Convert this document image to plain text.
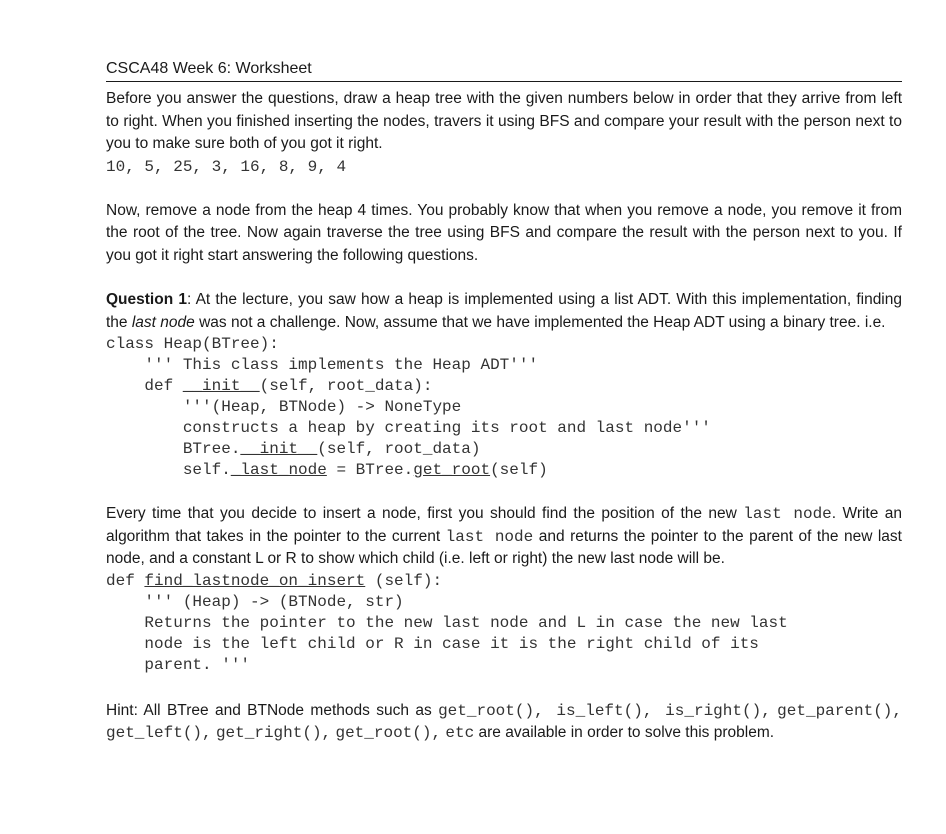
CSCA48 Week 6: Worksheet

Before you answer the questions, draw a heap tree with the given numbers below in order that they arrive from left to right. When you finished inserting the nodes, travers it using BFS and compare your result with the person next to you to make sure both of you got it right.

10, 5, 25, 3, 16, 8, 9, 4

Now, remove a node from the heap 4 times. You probably know that when you remove a node, you remove it from the root of the tree. Now again traverse the tree using BFS and compare the result with the person next to you. If you got it right start answering the following questions.

Question 1: At the lecture, you saw how a heap is implemented using a list ADT. With this implementation, finding the last node was not a challenge. Now, assume that we have implemented the Heap ADT using a binary tree. i.e.

class Heap(BTree):
''' This class implements the Heap ADT'''
def __init__(self, root_data):
'''(Heap, BTNode) -> NoneType
constructs a heap by creating its root and last node'''
BTree.__init__(self, root_data)
self._last_node = BTree.get_root(self)

Every time that you decide to insert a node, first you should find the position of the new last node. Write an algorithm that takes in the pointer to the current last node and returns the pointer to the parent of the new last node, and a constant L or R to show which child (i.e. left or right) the new last node will be.

def find_lastnode_on_insert (self):
''' (Heap) -> (BTNode, str)
Returns the pointer to the new last node and L in case the new last
node is the left child or R in case it is the right child of its
parent. '''

Hint: All BTree and BTNode methods such as get_root(), is_left(), is_right(), get_parent(), get_left(), get_right(), get_root(), etc are available in order to solve this problem.
